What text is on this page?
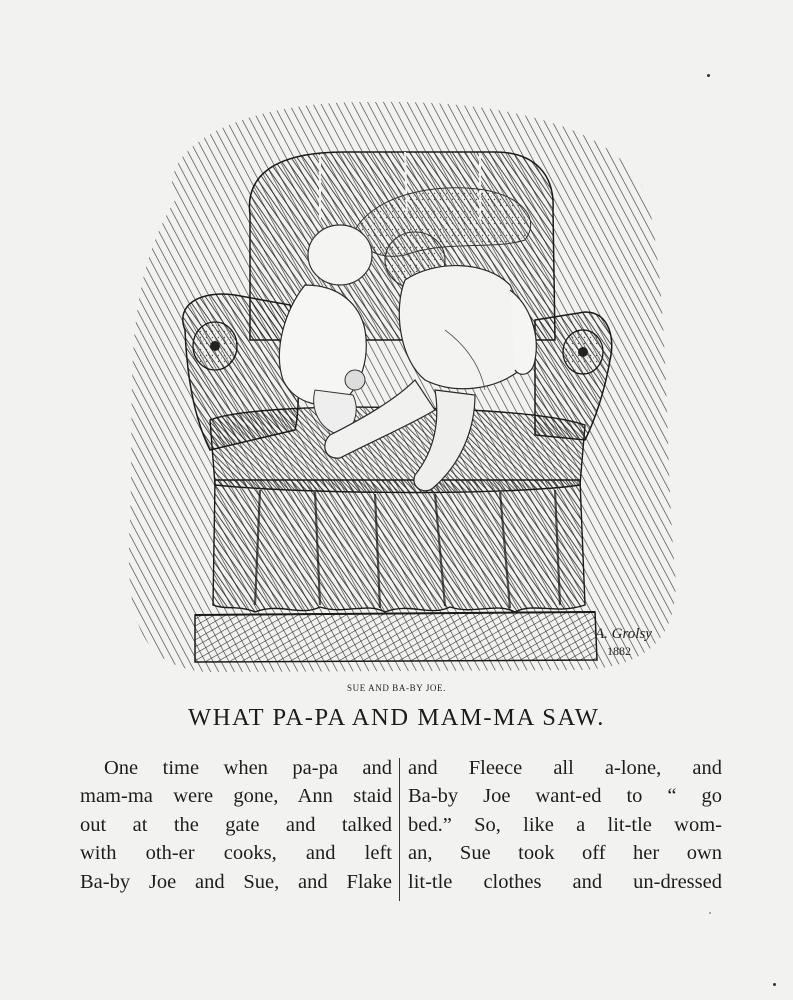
A. Grolsy
1882
SUE AND BA-BY JOE.
WHAT PA-PA AND MAM-MA SAW.
One time when pa-pa and
mam-ma were gone, Ann staid
out at the gate and talked
with oth-er cooks, and left
Ba-by Joe and Sue, and Flake
and Fleece all a-lone, and
Ba-by Joe want-ed to “ go
bed.” So, like a lit-tle wom-
an, Sue took off her own
lit-tle clothes and un-dressed
